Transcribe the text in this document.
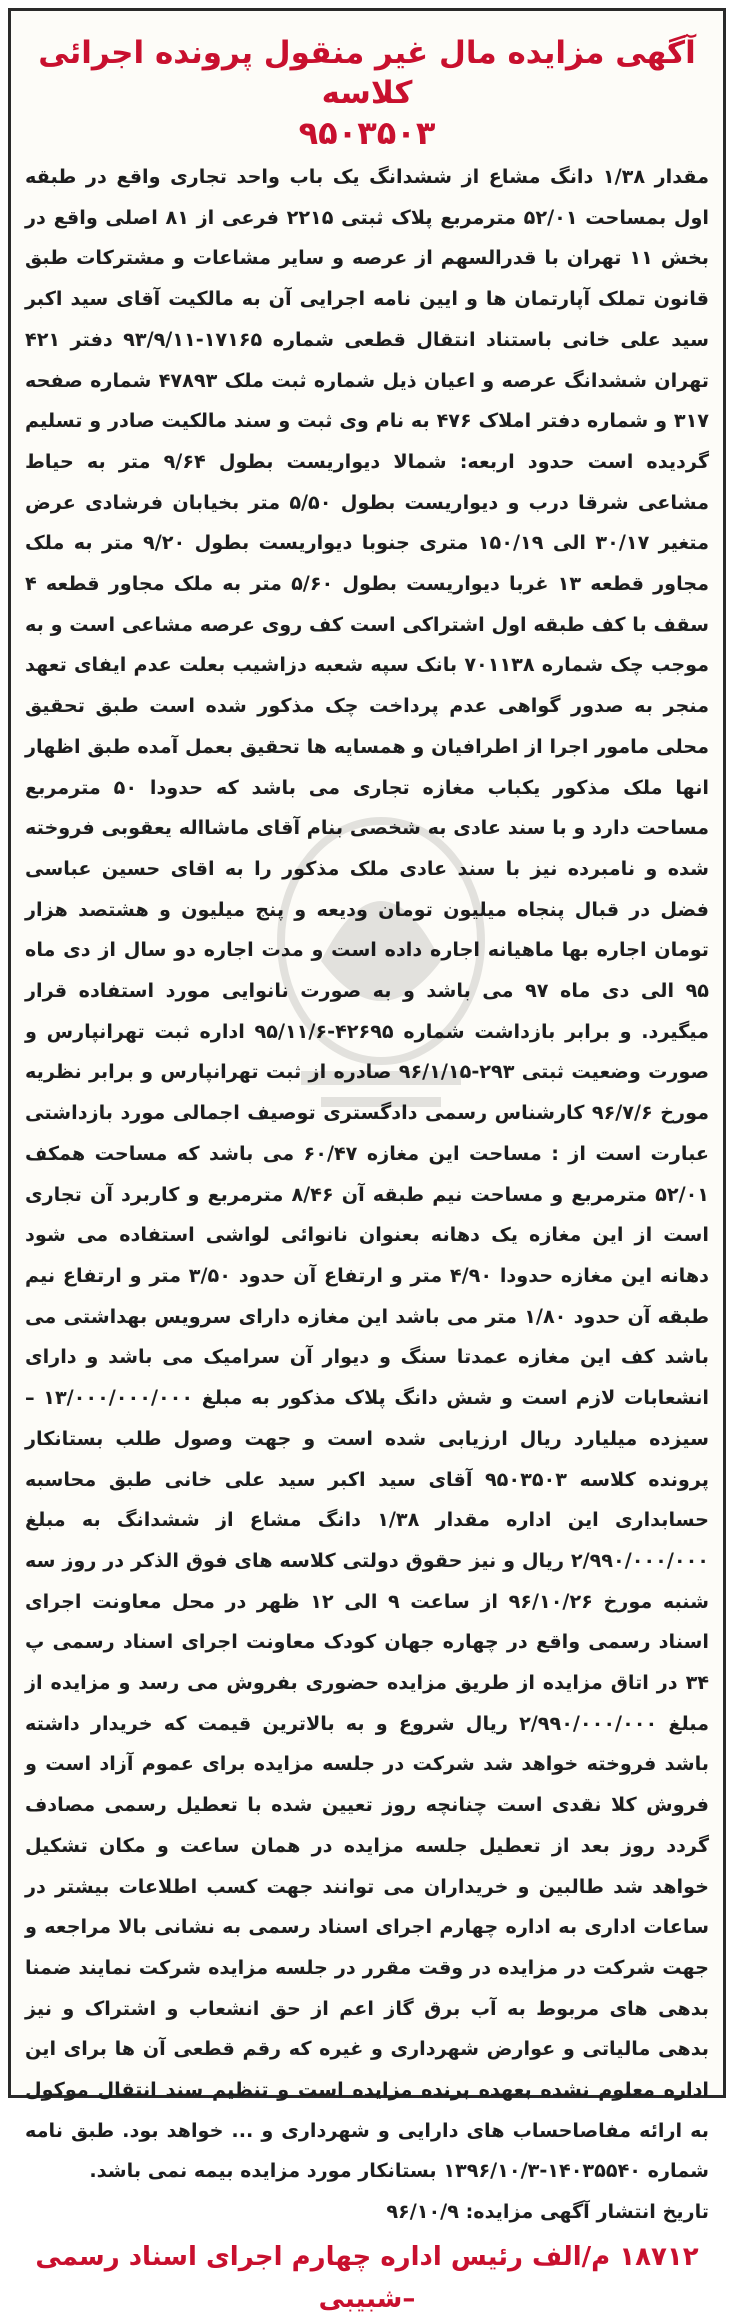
آگهی مزایده مال غیر منقول پرونده اجرائی کلاسه
۹۵۰۳۵۰۳
مقدار ۱/۳۸ دانگ مشاع از ششدانگ یک باب واحد تجاری واقع در طبقه اول بمساحت ۵۲/۰۱ مترمربع پلاک ثبتی ۲۲۱۵ فرعی از ۸۱ اصلی واقع در بخش ۱۱ تهران با قدرالسهم از عرصه و سایر مشاعات و مشترکات طبق قانون تملک آپارتمان ها و ایین نامه اجرایی آن به مالکیت آقای سید اکبر سید علی خانی باستناد انتقال قطعی شماره ۱۷۱۶۵-۹۳/۹/۱۱ دفتر ۴۲۱ تهران ششدانگ عرصه و اعیان ذیل شماره ثبت ملک ۴۷۸۹۳ شماره صفحه ۳۱۷ و شماره دفتر املاک ۴۷۶ به نام وی ثبت و سند مالکیت صادر و تسلیم گردیده است حدود اربعه: شمالا دیواریست بطول ۹/۶۴ متر به حیاط مشاعی شرقا درب و دیواریست بطول ۵/۵۰ متر بخیابان فرشادی عرض متغیر ۳۰/۱۷ الی ۱۵۰/۱۹ متری جنوبا دیواریست بطول ۹/۲۰ متر به ملک مجاور قطعه ۱۳ غربا دیواریست بطول ۵/۶۰ متر به ملک مجاور قطعه ۴ سقف با کف طبقه اول اشتراکی است کف روی عرصه مشاعی است و به موجب چک شماره ۷۰۱۱۳۸ بانک سپه شعبه دزاشیب بعلت عدم ایفای تعهد منجر به صدور گواهی عدم پرداخت چک مذکور شده است طبق تحقیق محلی مامور اجرا از اطرافیان و همسایه ها تحقیق بعمل آمده طبق اظهار انها ملک مذکور یکباب مغازه تجاری می باشد که حدودا ۵۰ مترمربع مساحت دارد و با سند عادی به شخصی بنام آقای ماشااله یعقوبی فروخته شده و نامبرده نیز با سند عادی ملک مذکور را به اقای حسین عباسی فضل در قبال پنجاه میلیون تومان ودیعه و پنج میلیون و هشتصد هزار تومان اجاره بها ماهیانه اجاره داده است و مدت اجاره دو سال از دی ماه ۹۵ الی دی ماه ۹۷ می باشد و به صورت نانوایی مورد استفاده قرار میگیرد. و برابر بازداشت شماره ۴۲۶۹۵-۹۵/۱۱/۶ اداره ثبت تهرانپارس و صورت وضعیت ثبتی ۲۹۳-۹۶/۱/۱۵ صادره از ثبت تهرانپارس و برابر نظریه مورخ ۹۶/۷/۶ کارشناس رسمی دادگستری توصیف اجمالی مورد بازداشتی عبارت است از : مساحت این مغازه ۶۰/۴۷ می باشد که مساحت همکف ۵۲/۰۱ مترمربع و مساحت نیم طبقه آن ۸/۴۶ مترمربع و کاربرد آن تجاری است از این مغازه یک دهانه بعنوان نانوائی لواشی استفاده می شود دهانه این مغازه حدودا ۴/۹۰ متر و ارتفاع آن حدود ۳/۵۰ متر و ارتفاع نیم طبقه آن حدود ۱/۸۰ متر می باشد این مغازه دارای سرویس بهداشتی می باشد کف این مغازه عمدتا سنگ و دیوار آن سرامیک می باشد و دارای انشعابات لازم است و شش دانگ پلاک مذکور به مبلغ ۱۳/۰۰۰/۰۰۰/۰۰۰ –سیزده میلیارد ریال ارزیابی شده است و جهت وصول طلب بستانکار پرونده کلاسه ۹۵۰۳۵۰۳ آقای سید اکبر سید علی خانی طبق محاسبه حسابداری این اداره مقدار ۱/۳۸ دانگ مشاع از ششدانگ به مبلغ ۲/۹۹۰/۰۰۰/۰۰۰ ریال و نیز حقوق دولتی کلاسه های فوق الذکر در روز سه شنبه مورخ ۹۶/۱۰/۲۶ از ساعت ۹ الی ۱۲ ظهر در محل معاونت اجرای اسناد رسمی واقع در چهاره جهان کودک معاونت اجرای اسناد رسمی پ ۳۴ در اتاق مزایده از طریق مزایده حضوری بفروش می رسد و مزایده از مبلغ ۲/۹۹۰/۰۰۰/۰۰۰ ریال شروع و به بالاترین قیمت که خریدار داشته باشد فروخته خواهد شد شرکت در جلسه مزایده برای عموم آزاد است و فروش کلا نقدی است چنانچه روز تعیین شده با تعطیل رسمی مصادف گردد روز بعد از تعطیل جلسه مزایده در همان ساعت و مکان تشکیل خواهد شد طالبین و خریداران می توانند جهت کسب اطلاعات بیشتر در ساعات اداری به اداره چهارم اجرای اسناد رسمی به نشانی بالا مراجعه و جهت شرکت در مزایده در وقت مقرر در جلسه مزایده شرکت نمایند ضمنا بدهی های مربوط به آب برق گاز اعم از حق انشعاب و اشتراک و نیز بدهی مالیاتی و عوارض شهرداری و غیره که رقم قطعی آن ها برای این اداره معلوم نشده بعهده برنده مزایده است و تنظیم سند انتقال موکول به ارائه مفاصاحساب های دارایی و شهرداری و ... خواهد بود. طبق نامه شماره ۱۴۰۳۵۵۴۰-۱۳۹۶/۱۰/۳ بستانکار مورد مزایده بیمه نمی باشد.
تاریخ انتشار آگهی مزایده: ۹۶/۱۰/۹
۱۸۷۱۲ م/الف رئیس اداره چهارم اجرای اسناد رسمی –شبیبی
